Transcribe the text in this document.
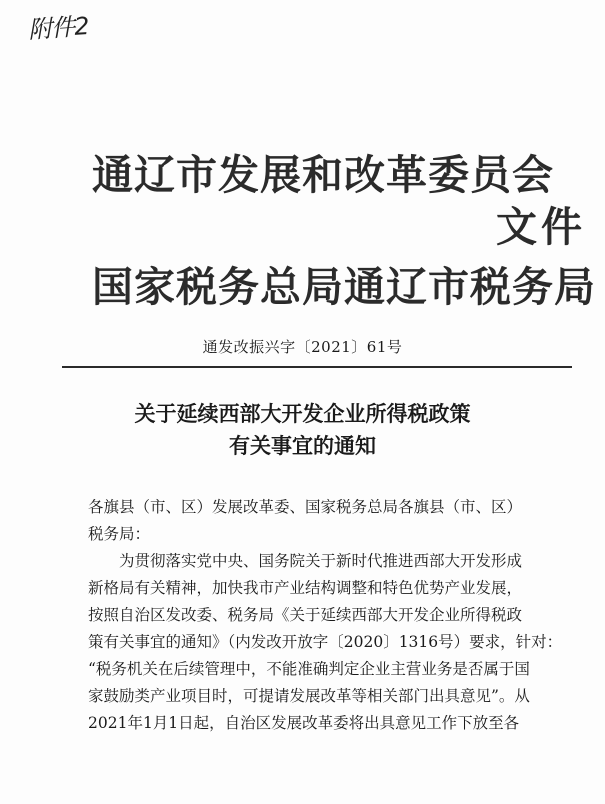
附件2
通辽市发展和改革委员会
文件
国家税务总局通辽市税务局
通发改振兴字〔2021〕61号
关于延续西部大开发企业所得税政策
有关事宜的通知

各旗县（市、区）发展改革委、国家税务总局各旗县（市、区）
税务局：

为贯彻落实党中央、国务院关于新时代推进西部大开发形成
新格局有关精神，加快我市产业结构调整和特色优势产业发展，
按照自治区发改委、税务局《关于延续西部大开发企业所得税政
策有关事宜的通知》（内发改开放字〔2020〕1316号）要求，针对：
“税务机关在后续管理中，不能准确判定企业主营业务是否属于国
家鼓励类产业项目时，可提请发展改革等相关部门出具意见”。从
2021年1月1日起，自治区发展改革委将出具意见工作下放至各
